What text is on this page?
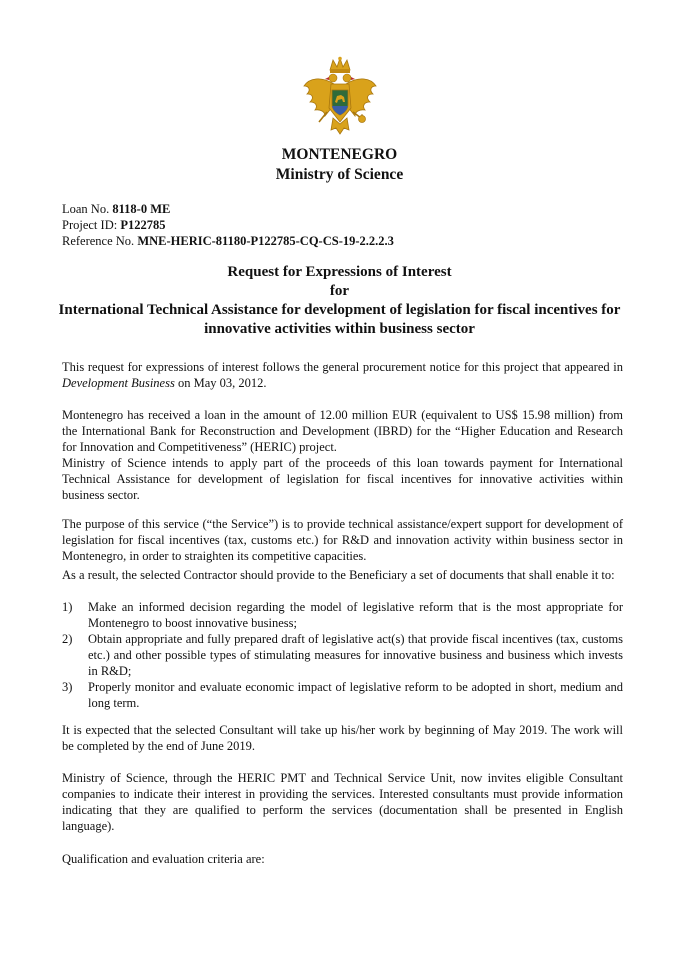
MONTENEGRO
Ministry of Science
Loan No. 8118-0 ME
Project ID: P122785
Reference No. MNE-HERIC-81180-P122785-CQ-CS-19-2.2.2.3
Request for Expressions of Interest
for
International Technical Assistance for development of legislation for fiscal incentives for innovative activities within business sector

This request for expressions of interest follows the general procurement notice for this project that appeared in Development Business on May 03, 2012.

Montenegro has received a loan in the amount of 12.00 million EUR (equivalent to US$ 15.98 million) from the International Bank for Reconstruction and Development (IBRD) for the “Higher Education and Research for Innovation and Competitiveness” (HERIC) project.

Ministry of Science intends to apply part of the proceeds of this loan towards payment for International Technical Assistance for development of legislation for fiscal incentives for innovative activities within business sector.

The purpose of this service (“the Service”) is to provide technical assistance/expert support for development of legislation for fiscal incentives (tax, customs etc.) for R&D and innovation activity within business sector in Montenegro, in order to straighten its competitive capacities.

As a result, the selected Contractor should provide to the Beneficiary a set of documents that shall enable it to:

1)	Make an informed decision regarding the model of legislative reform that is the most appropriate for Montenegro to boost innovative business;
2)	Obtain appropriate and fully prepared draft of legislative act(s) that provide fiscal incentives (tax, customs etc.) and other possible types of stimulating measures for innovative business and business which invests in R&D;
3)	Properly monitor and evaluate economic impact of legislative reform to be adopted in short, medium and long term.

It is expected that the selected Consultant will take up his/her work by beginning of May 2019. The work will be completed by the end of June 2019.

Ministry of Science, through the HERIC PMT and Technical Service Unit, now invites eligible Consultant companies to indicate their interest in providing the services. Interested consultants must provide information indicating that they are qualified to perform the services (documentation shall be presented in English language).

Qualification and evaluation criteria are:
